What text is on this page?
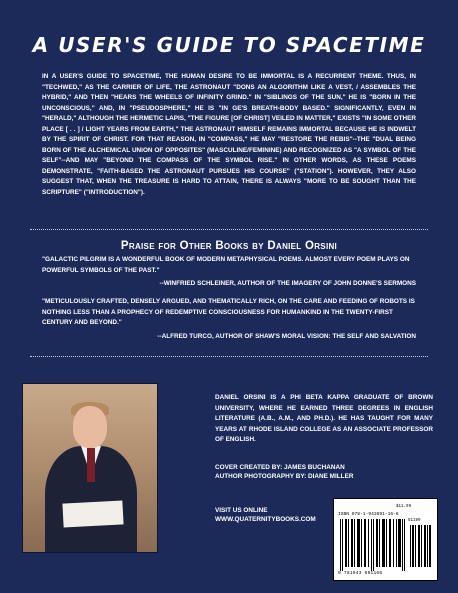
A USER'S GUIDE TO SPACETIME
IN A USER'S GUIDE TO SPACETIME, THE HUMAN DESIRE TO BE IMMORTAL IS A RECURRENT THEME. THUS, IN "TECHWED," AS THE CARRIER OF LIFE, THE ASTRONAUT "DONS AN ALGORITHM LIKE A VEST, / ASSEMBLES THE HYBRID," AND THEN "HEARS THE WHEELS OF INFINITY GRIND." IN "SIBLINGS OF THE SUN," HE IS "BORN IN THE UNCONSCIOUS," AND, IN "PSEUDOSPHERE," HE IS "IN GE'S BREATH-BODY BASED." SIGNIFICANTLY, EVEN IN "HERALD," ALTHOUGH THE HERMETIC LAPIS, "THE FIGURE [OF CHRIST] VEILED IN MATTER," EXISTS "IN SOME OTHER PLACE [ . . ] / LIGHT YEARS FROM EARTH," THE ASTRONAUT HIMSELF REMAINS IMMORTAL BECAUSE HE IS INDWELT BY THE SPIRIT OF CHRIST. FOR THAT REASON, IN "COMPASS," HE MAY "RESTORE THE REBIS"--THE "DUAL BEING BORN OF THE ALCHEMICAL UNION OF OPPOSITES" (MASCULINE/FEMININE) AND RECOGNIZED AS "A SYMBOL OF THE SELF"--AND MAY "BEYOND THE COMPASS OF THE SYMBOL RISE." IN OTHER WORDS, AS THESE POEMS DEMONSTRATE, "FAITH-BASED THE ASTRONAUT PURSUES HIS COURSE" ("STATION"). HOWEVER, THEY ALSO SUGGEST THAT, WHEN THE TREASURE IS HARD TO ATTAIN, THERE IS ALWAYS "MORE TO BE SOUGHT THAN THE SCRIPTURE" ("INTRODUCTION").
Praise for Other Books by Daniel Orsini
"GALACTIC PILGRIM IS A WONDERFUL BOOK OF MODERN METAPHYSICAL POEMS. ALMOST EVERY POEM PLAYS ON POWERFUL SYMBOLS OF THE PAST."
--WINFRIED SCHLEINER, AUTHOR OF THE IMAGERY OF JOHN DONNE'S SERMONS
"METICULOUSLY CRAFTED, DENSELY ARGUED, AND THEMATICALLY RICH, ON THE CARE AND FEEDING OF ROBOTS IS NOTHING LESS THAN A PROPHECY OF REDEMPTIVE CONSCIOUSNESS FOR HUMANKIND IN THE TWENTY-FIRST CENTURY AND BEYOND."
--ALFRED TURCO, AUTHOR OF SHAW'S MORAL VISION: THE SELF AND SALVATION
DANIEL ORSINI IS A PHI BETA KAPPA GRADUATE OF BROWN UNIVERSITY, WHERE HE EARNED THREE DEGREES IN ENGLISH LITERATURE (A.B., A.M., AND PH.D.). HE HAS TAUGHT FOR MANY YEARS AT RHODE ISLAND COLLEGE AS AN ASSOCIATE PROFESSOR OF ENGLISH.
COVER CREATED BY: JAMES BUCHANAN
AUTHOR PHOTOGRAPHY BY: DIANE MILLER
VISIT US ONLINE
WWW.QUATERNITYBOOKS.COM
$11.99
ISBN 978-1-943691-16-6
51199
9 781943 691166
